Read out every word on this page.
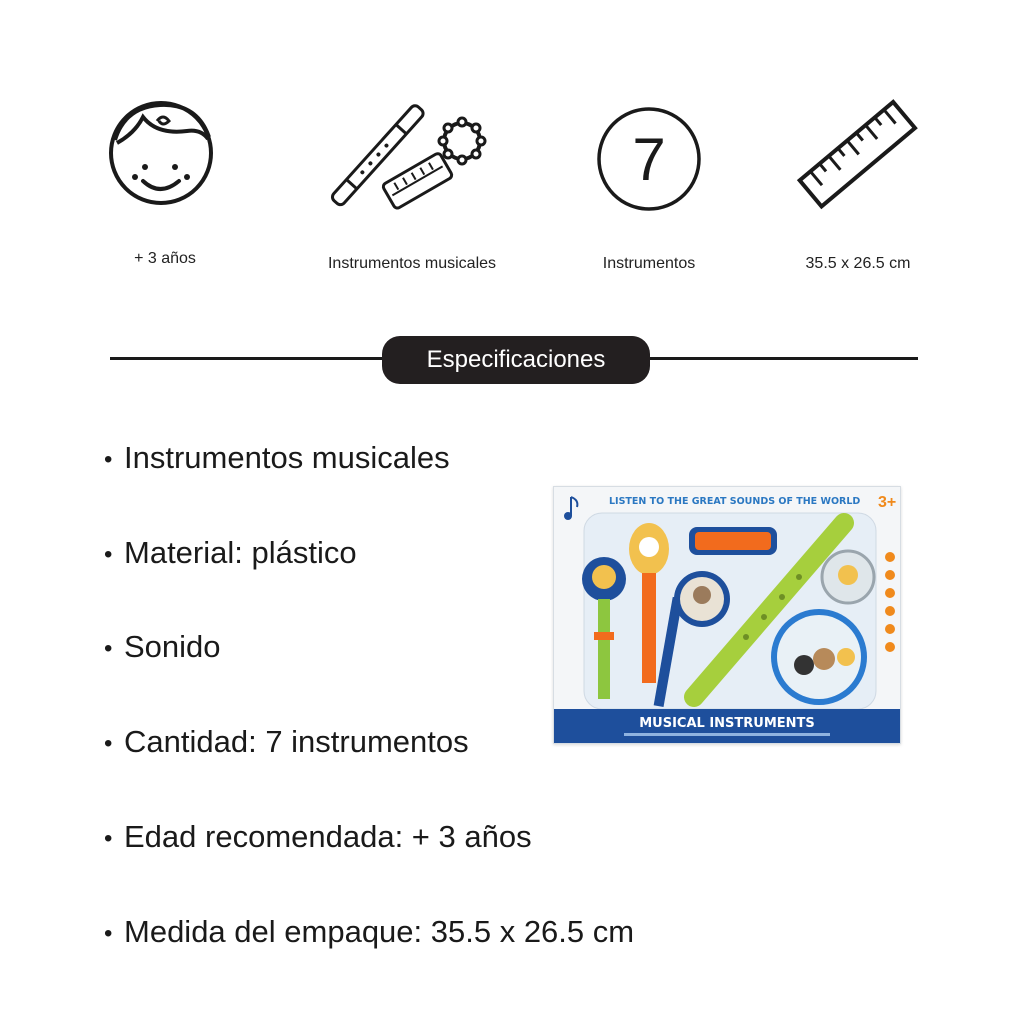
+ 3 años	Instrumentos musicales
7
Instrumentos	35.5 x 26.5 cm
Especificaciones
• Instrumentos musicales
• Material: plástico
• Sonido
• Cantidad: 7 instrumentos
• Edad recomendada: + 3 años
• Medida del empaque: 35.5 x 26.5 cm
LISTEN TO THE GREAT SOUNDS OF THE WORLD 3+
MUSICAL INSTRUMENTS
